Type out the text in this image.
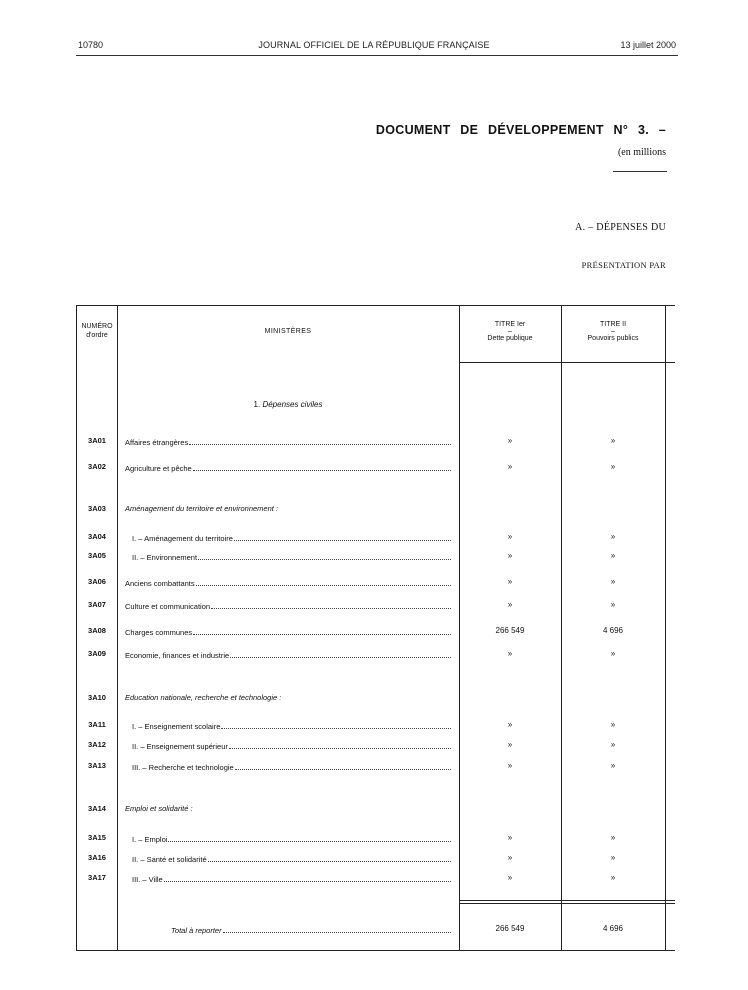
10780	JOURNAL OFFICIEL DE LA RÉPUBLIQUE FRANÇAISE	13 juillet 2000
DOCUMENT DE DÉVELOPPEMENT N° 3. –
(en millions
A. – DÉPENSES DU
PRÉSENTATION PAR
NUMÉRO
d'ordre
MINISTÈRES
TITRE Ier
–
Dette publique
TITRE II
–
Pouvoirs publics
1. Dépenses civiles
3A01	Affaires étrangères	»	»
3A02	Agriculture et pêche	»	»
3A03	Aménagement du territoire et environnement :
3A04	I. – Aménagement du territoire	»	»
3A05	II. – Environnement	»	»
3A06	Anciens combattants	»	»
3A07	Culture et communication	»	»
3A08	Charges communes	266 549	4 696
3A09	Economie, finances et industrie	»	»
3A10	Education nationale, recherche et technologie :
3A11	I. – Enseignement scolaire	»	»
3A12	II. – Enseignement supérieur	»	»
3A13	III. – Recherche et technologie	»	»
3A14	Emploi et solidarité :
3A15	I. – Emploi	»	»
3A16	II. – Santé et solidarité	»	»
3A17	III. – Ville	»	»
Total à reporter	266 549	4 696
